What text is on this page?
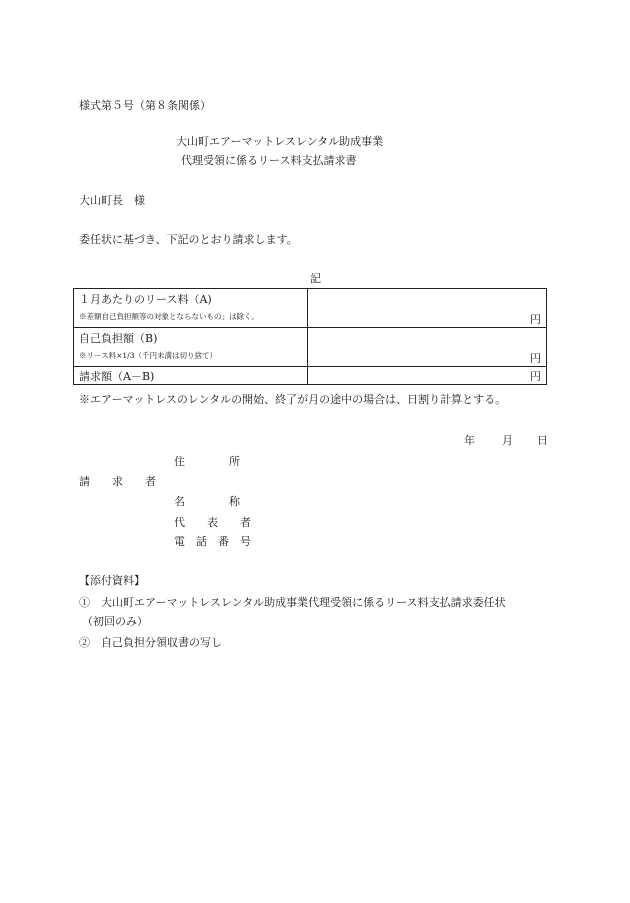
様式第５号（第８条関係）
大山町エアーマットレスレンタル助成事業
代理受領に係るリース料支払請求書
大山町長　様
委任状に基づき、下記のとおり請求します。
記
１月あたりのリース料（A)
※差額自己負担額等の対象とならないもの」は除く。	円

自己負担額（B)
※リース料×1/3（千円未満は切り捨て）	円

請求額（A－B)	円
※エアーマットレスのレンタルの開始、終了が月の途中の場合は、日割り計算とする。
年 月 日
請　　求　　者
住　　　　所
名　　　　称
代　　表　　者
電　話　番　号
【添付資料】
①　大山町エアーマットレスレンタル助成事業代理受領に係るリース料支払請求委任状
（初回のみ）
②　自己負担分領収書の写し
